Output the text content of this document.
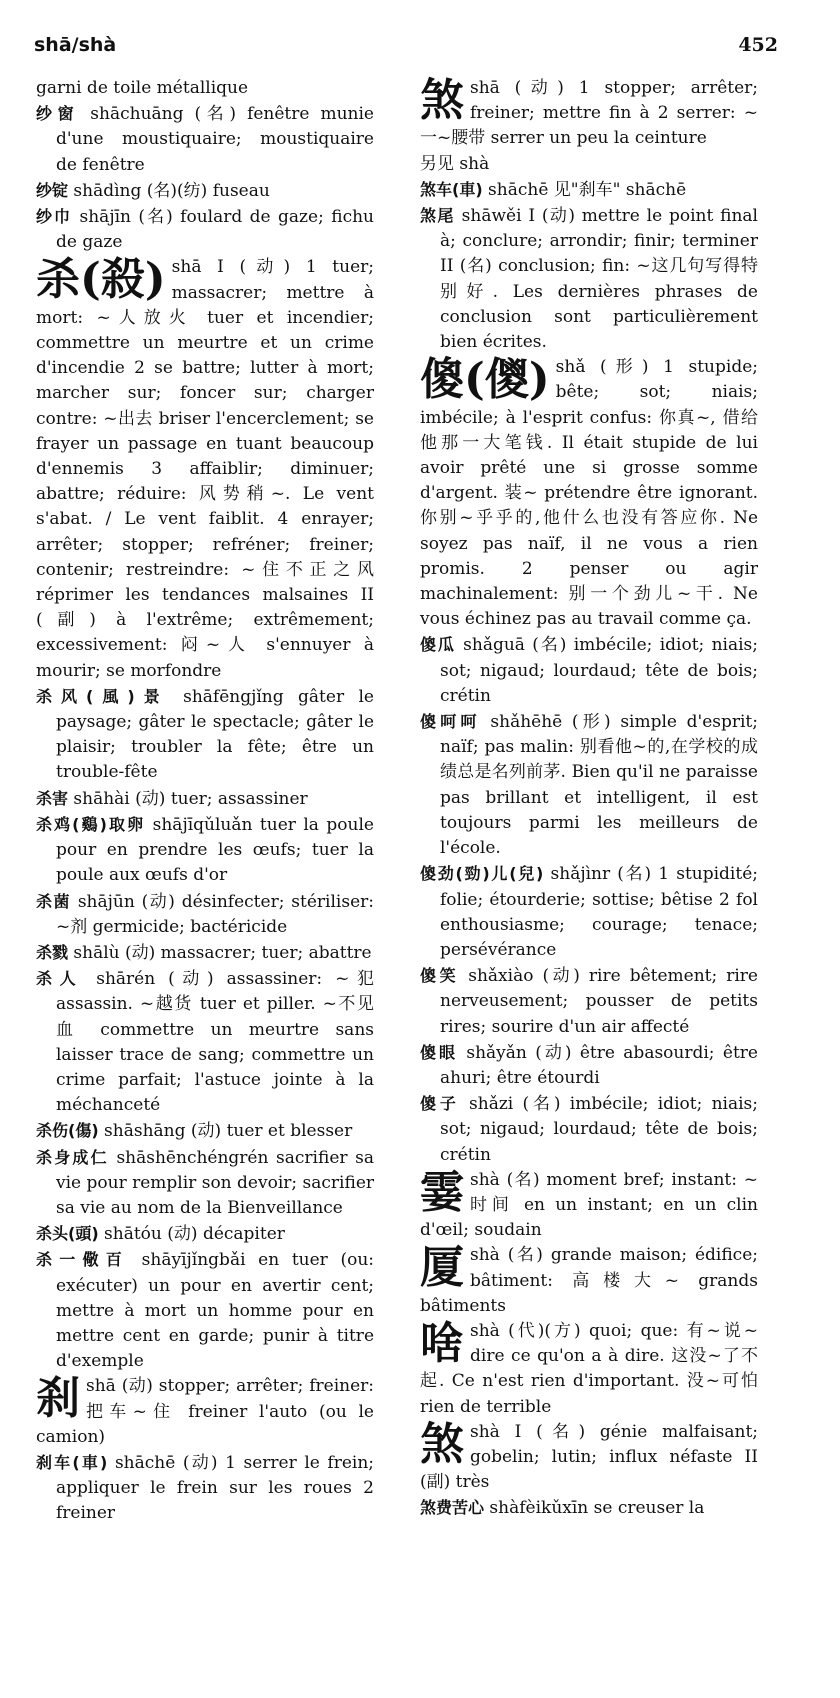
shā/shà	452

garni de toile métallique

纱窗 shāchuāng (名) fenêtre munie d'une moustiquaire; moustiquaire de fenêtre

纱锭 shādìng (名)(纺) fuseau

纱巾 shājīn (名) foulard de gaze; fichu de gaze

杀(殺) shā I (动) 1 tuer; massacrer; mettre à mort: ~人放火 tuer et incendier; commettre un meurtre et un crime d'incendie 2 se battre; lutter à mort; marcher sur; foncer sur; charger contre: ~出去 briser l'encerclement; se frayer un passage en tuant beaucoup d'ennemis 3 affaiblir; diminuer; abattre; réduire: 风势稍~. Le vent s'abat. / Le vent faiblit. 4 enrayer; arrêter; stopper; refréner; freiner; contenir; restreindre: ~住不正之风 réprimer les tendances malsaines II (副) à l'extrême; extrêmement; excessivement: 闷~人 s'ennuyer à mourir; se morfondre

杀风(風)景 shāfēngjǐng gâter le paysage; gâter le spectacle; gâter le plaisir; troubler la fête; être un trouble-fête

杀害 shāhài (动) tuer; assassiner

杀鸡(鷄)取卵 shājīqǔluǎn tuer la poule pour en prendre les œufs; tuer la poule aux œufs d'or

杀菌 shājūn (动) désinfecter; stériliser: ~剂 germicide; bactéricide

杀戮 shālù (动) massacrer; tuer; abattre

杀人 shārén (动) assassiner: ~犯 assassin. ~越货 tuer et piller. ~不见血 commettre un meurtre sans laisser trace de sang; commettre un crime parfait; l'astuce jointe à la méchanceté

杀伤(傷) shāshāng (动) tuer et blesser

杀身成仁 shāshēnchéngrén sacrifier sa vie pour remplir son devoir; sacrifier sa vie au nom de la Bienveillance

杀头(頭) shātóu (动) décapiter

杀一儆百 shāyījǐngbǎi en tuer (ou: exécuter) un pour en avertir cent; mettre à mort un homme pour en mettre cent en garde; punir à titre d'exemple

刹 shā (动) stopper; arrêter; freiner: 把车~住 freiner l'auto (ou le camion)

刹车(車) shāchē (动) 1 serrer le frein; appliquer le frein sur les roues 2 freiner

煞 shā (动) 1 stopper; arrêter; freiner; mettre fin à 2 serrer: ~一~腰带 serrer un peu la ceinture

另见 shà

煞车(車) shāchē 见"刹车" shāchē

煞尾 shāwěi I (动) mettre le point final à; conclure; arrondir; finir; terminer II (名) conclusion; fin: ~这几句写得特别好. Les dernières phrases de conclusion sont particulièrement bien écrites.

傻(儍) shǎ (形) 1 stupide; bête; sot; niais; imbécile; à l'esprit confus: 你真~, 借给他那一大笔钱. Il était stupide de lui avoir prêté une si grosse somme d'argent. 装~ prétendre être ignorant. 你别~乎乎的,他什么也没有答应你. Ne soyez pas naïf, il ne vous a rien promis. 2 penser ou agir machinalement: 别一个劲儿~干. Ne vous échinez pas au travail comme ça.

傻瓜 shǎguā (名) imbécile; idiot; niais; sot; nigaud; lourdaud; tête de bois; crétin

傻呵呵 shǎhēhē (形) simple d'esprit; naïf; pas malin: 别看他~的,在学校的成绩总是名列前茅. Bien qu'il ne paraisse pas brillant et intelligent, il est toujours parmi les meilleurs de l'école.

傻劲(勁)儿(兒) shǎjìnr (名) 1 stupidité; folie; étourderie; sottise; bêtise 2 fol enthousiasme; courage; tenace; persévérance

傻笑 shǎxiào (动) rire bêtement; rire nerveusement; pousser de petits rires; sourire d'un air affecté

傻眼 shǎyǎn (动) être abasourdi; être ahuri; être étourdi

傻子 shǎzi (名) imbécile; idiot; niais; sot; nigaud; lourdaud; tête de bois; crétin

霎 shà (名) moment bref; instant: ~时间 en un instant; en un clin d'œil; soudain

厦 shà (名) grande maison; édifice; bâtiment: 高楼大~ grands bâtiments

啥 shà (代)(方) quoi; que: 有~说~ dire ce qu'on a à dire. 这没~了不起. Ce n'est rien d'important. 没~可怕 rien de terrible

煞 shà I (名) génie malfaisant; gobelin; lutin; influx néfaste II (副) très

煞费苦心 shàfèikǔxīn se creuser la
